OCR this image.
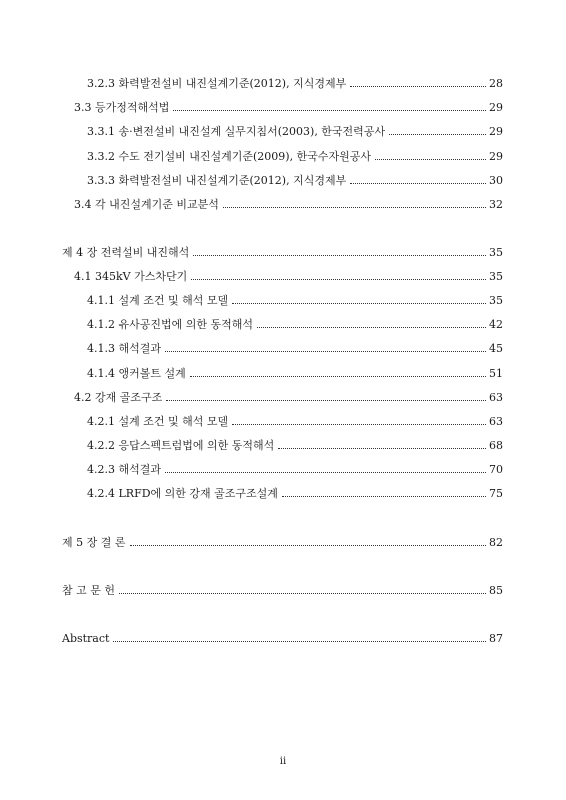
3.2.3 화력발전설비 내진설계기준(2012), 지식경제부	28
3.3 등가정적해석법	29
3.3.1 송·변전설비 내진설계 실무지침서(2003), 한국전력공사	29
3.3.2 수도 전기설비 내진설계기준(2009), 한국수자원공사	29
3.3.3 화력발전설비 내진설계기준(2012), 지식경제부	30
3.4 각 내진설계기준 비교분석	32
제 4 장 전력설비 내진해석	35
4.1 345kV 가스차단기	35
4.1.1 설계 조건 및 해석 모델	35
4.1.2 유사공진법에 의한 동적해석	42
4.1.3 해석결과	45
4.1.4 앵커볼트 설계	51
4.2 강재 골조구조	63
4.2.1 설계 조건 및 해석 모델	63
4.2.2 응답스펙트럼법에 의한 동적해석	68
4.2.3 해석결과	70
4.2.4 LRFD에 의한 강재 골조구조설계	75
제 5 장 결 론	82
참 고 문 헌	85
Abstract	87
ii
